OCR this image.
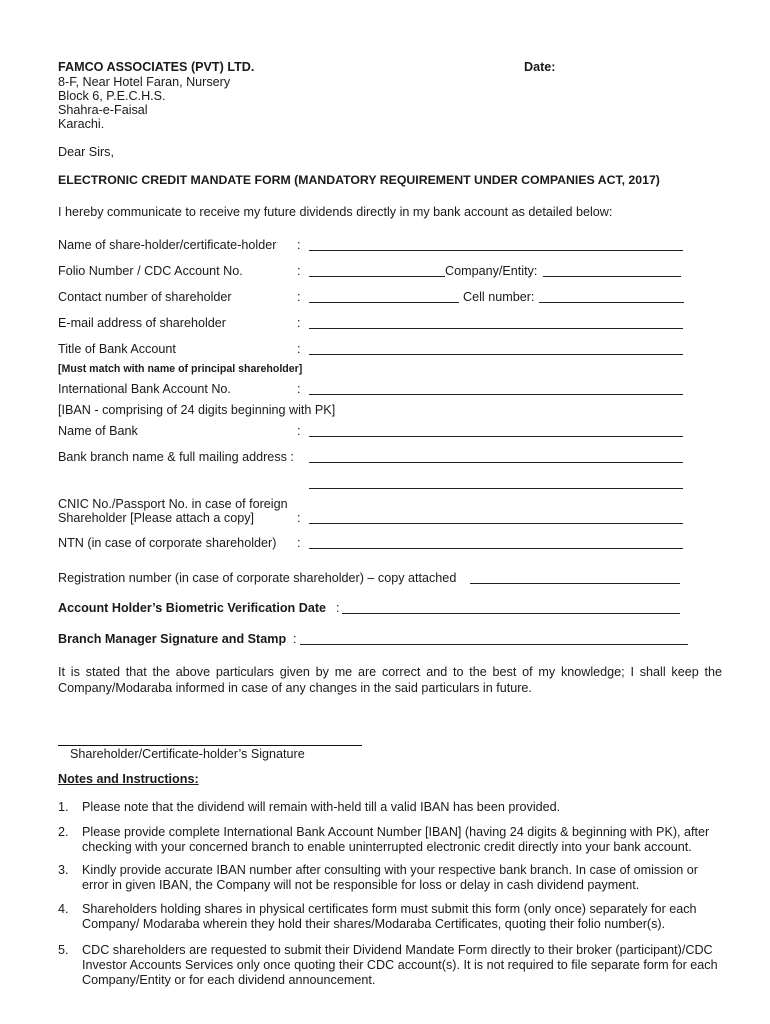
FAMCO ASSOCIATES (PVT) LTD.	Date:
8-F, Near Hotel Faran, Nursery
Block 6, P.E.C.H.S.
Shahra-e-Faisal
Karachi.
Dear Sirs,
ELECTRONIC CREDIT MANDATE FORM (MANDATORY REQUIREMENT UNDER COMPANIES ACT, 2017)
I hereby communicate to receive my future dividends directly in my bank account as detailed below:
Name of share-holder/certificate-holder :
Folio Number / CDC Account No.	:	Company/Entity:
Contact number of shareholder	:	Cell number:
E-mail address of shareholder	:
Title of Bank Account	:
[Must match with name of principal shareholder]
International Bank Account No.	:
[IBAN - comprising of 24 digits beginning with PK]
Name of Bank	:
Bank branch name & full mailing address :
CNIC No./Passport No. in case of foreign
Shareholder [Please attach a copy]	:
NTN (in case of corporate shareholder) :
Registration number (in case of corporate shareholder) – copy attached
Account Holder’s Biometric Verification Date :
Branch Manager Signature and Stamp :
It is stated that the above particulars given by me are correct and to the best of my knowledge; I shall keep the Company/Modaraba informed in case of any changes in the said particulars in future.
Shareholder/Certificate-holder’s Signature
Notes and Instructions:
1. Please note that the dividend will remain with-held till a valid IBAN has been provided.
2. Please provide complete International Bank Account Number [IBAN] (having 24 digits & beginning with PK), after checking with your concerned branch to enable uninterrupted electronic credit directly into your bank account.
3. Kindly provide accurate IBAN number after consulting with your respective bank branch. In case of omission or error in given IBAN, the Company will not be responsible for loss or delay in cash dividend payment.
4. Shareholders holding shares in physical certificates form must submit this form (only once) separately for each Company/ Modaraba wherein they hold their shares/Modaraba Certificates, quoting their folio number(s).
5. CDC shareholders are requested to submit their Dividend Mandate Form directly to their broker (participant)/CDC Investor Accounts Services only once quoting their CDC account(s). It is not required to file separate form for each Company/Entity or for each dividend announcement.
